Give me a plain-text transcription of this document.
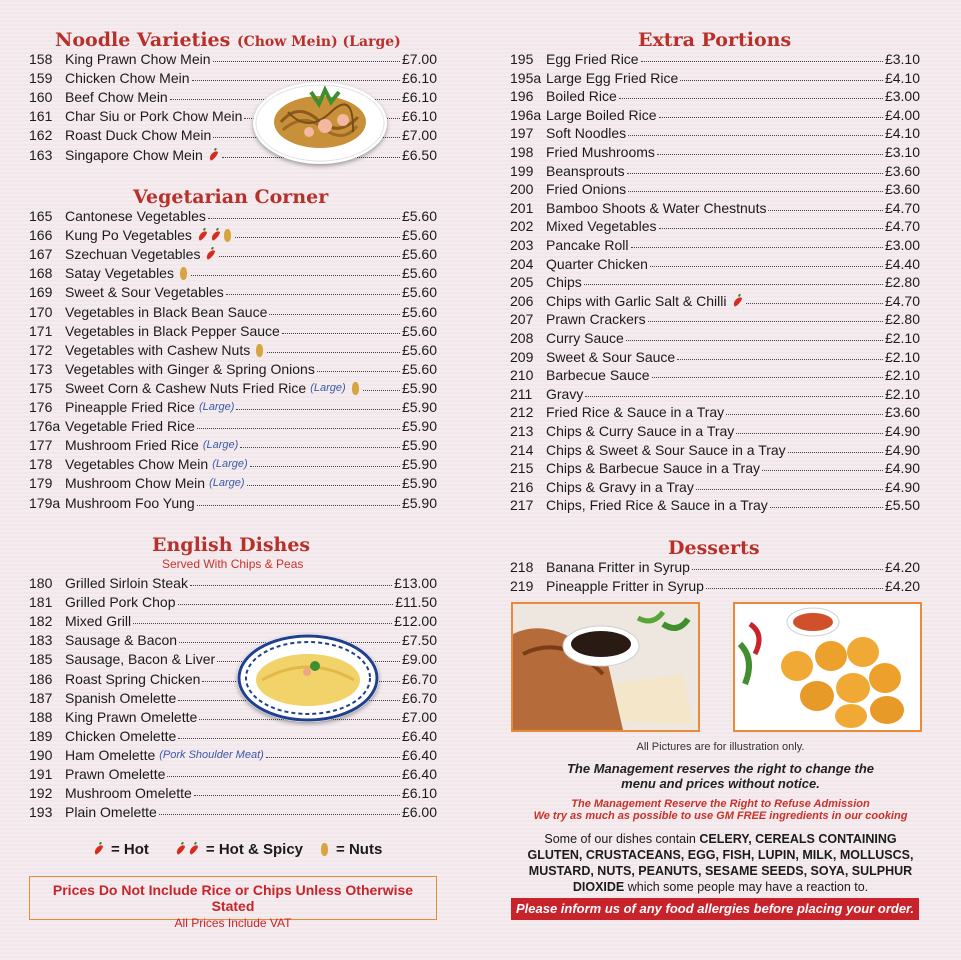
Noodle Varieties (Chow Mein) (Large)
158 King Prawn Chow Mein	£7.00
159 Chicken Chow Mein	£6.10
160 Beef Chow Mein	£6.10
161 Char Siu or Pork Chow Mein	£6.10
162 Roast Duck Chow Mein	£7.00
163 Singapore Chow Mein	£6.50
Vegetarian Corner
165 Cantonese Vegetables	£5.60
166 Kung Po Vegetables	£5.60
167 Szechuan Vegetables	£5.60
168 Satay Vegetables	£5.60
169 Sweet & Sour Vegetables	£5.60
170 Vegetables in Black Bean Sauce	£5.60
171 Vegetables in Black Pepper Sauce	£5.60
172 Vegetables with Cashew Nuts	£5.60
173 Vegetables with Ginger & Spring Onions	£5.60
175 Sweet Corn & Cashew Nuts Fried Rice (Large)	£5.90
176 Pineapple Fried Rice (Large)	£5.90
176a Vegetable Fried Rice	£5.90
177 Mushroom Fried Rice (Large)	£5.90
178 Vegetables Chow Mein (Large)	£5.90
179 Mushroom Chow Mein (Large)	£5.90
179a Mushroom Foo Yung	£5.90
English Dishes
Served With Chips & Peas
180 Grilled Sirloin Steak	£13.00
181 Grilled Pork Chop	£11.50
182 Mixed Grill	£12.00
183 Sausage & Bacon	£7.50
185 Sausage, Bacon & Liver	£9.00
186 Roast Spring Chicken	£6.70
187 Spanish Omelette	£6.70
188 King Prawn Omelette	£7.00
189 Chicken Omelette	£6.40
190 Ham Omelette (Pork Shoulder Meat)	£6.40
191 Prawn Omelette	£6.40
192 Mushroom Omelette	£6.10
193 Plain Omelette	£6.00
= Hot	= Hot & Spicy = Nuts
Prices Do Not Include Rice or Chips Unless Otherwise Stated
All Prices Include VAT
Extra Portions
195 Egg Fried Rice	£3.10
195a Large Egg Fried Rice	£4.10
196 Boiled Rice	£3.00
196a Large Boiled Rice	£4.00
197 Soft Noodles	£4.10
198 Fried Mushrooms	£3.10
199 Beansprouts	£3.60
200 Fried Onions	£3.60
201 Bamboo Shoots & Water Chestnuts	£4.70
202 Mixed Vegetables	£4.70
203 Pancake Roll	£3.00
204 Quarter Chicken	£4.40
205 Chips	£2.80
206 Chips with Garlic Salt & Chilli	£4.70
207 Prawn Crackers	£2.80
208 Curry Sauce	£2.10
209 Sweet & Sour Sauce	£2.10
210 Barbecue Sauce	£2.10
211 Gravy	£2.10
212 Fried Rice & Sauce in a Tray	£3.60
213 Chips & Curry Sauce in a Tray	£4.90
214 Chips & Sweet & Sour Sauce in a Tray	£4.90
215 Chips & Barbecue Sauce in a Tray	£4.90
216 Chips & Gravy in a Tray	£4.90
217 Chips, Fried Rice & Sauce in a Tray	£5.50
Desserts
218 Banana Fritter in Syrup	£4.20
219 Pineapple Fritter in Syrup	£4.20
All Pictures are for illustration only.
The Management reserves the right to change the
menu and prices without notice.
The Management Reserve the Right to Refuse Admission
We try as much as possible to use GM FREE ingredients in our cooking
Some of our dishes contain CELERY, CEREALS CONTAINING
GLUTEN, CRUSTACEANS, EGG, FISH, LUPIN, MILK, MOLLUSCS,
MUSTARD, NUTS, PEANUTS, SESAME SEEDS, SOYA, SULPHUR
DIOXIDE which some people may have a reaction to.
Please inform us of any food allergies before placing your order.
